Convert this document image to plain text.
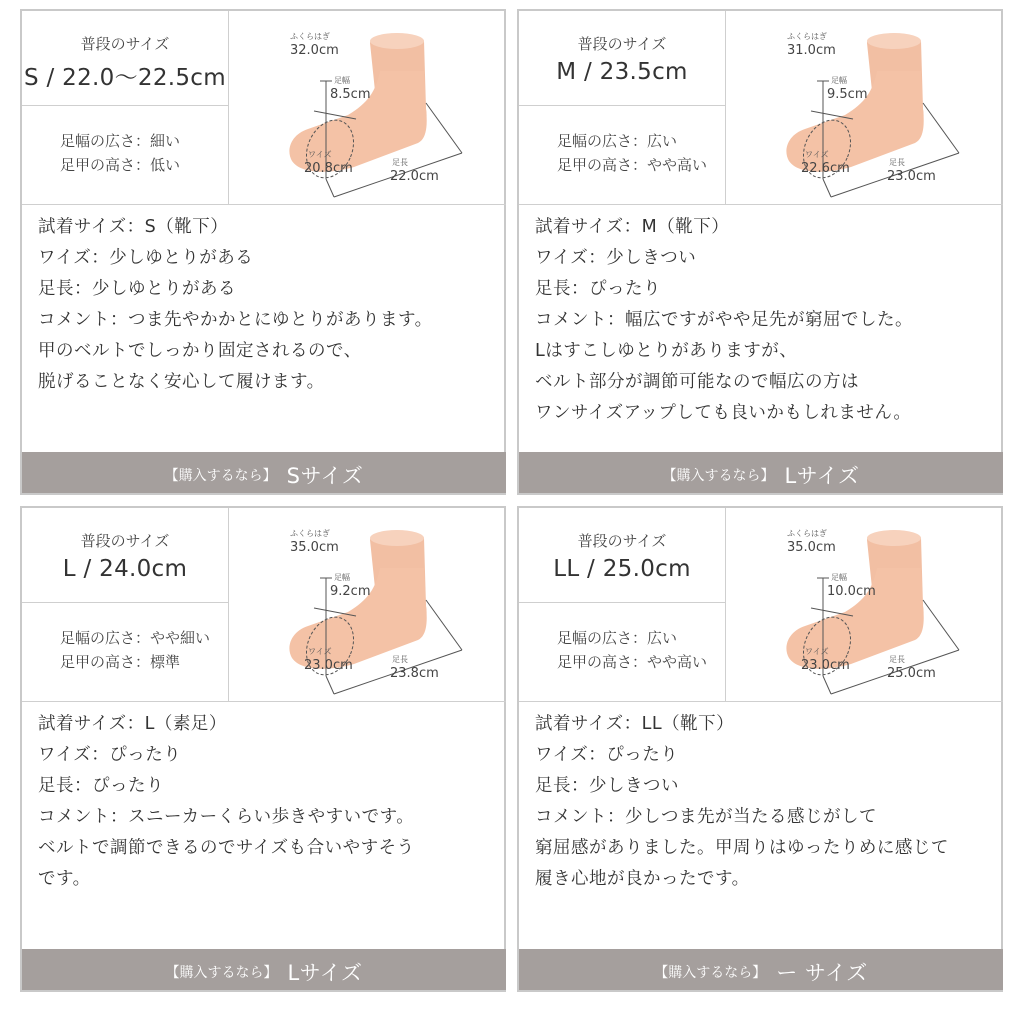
普段のサイズ
S / 22.0〜22.5cm
足幅の広さ：細い
足甲の高さ：低い
ふくらはぎ
32.0cm
足幅
8.5cm
ワイズ
20.8cm	足長
22.0cm
試着サイズ：S（靴下）
ワイズ：少しゆとりがある
足長：少しゆとりがある
コメント：つま先やかかとにゆとりがあります。
甲のベルトでしっかり固定されるので、
脱げることなく安心して履けます。
【購入するなら】 Sサイズ
普段のサイズ
M / 23.5cm
足幅の広さ：広い
足甲の高さ：やや高い
ふくらはぎ
31.0cm
足幅
9.5cm
ワイズ
22.6cm	足長
23.0cm
試着サイズ：M（靴下）
ワイズ：少しきつい
足長：ぴったり
コメント：幅広ですがやや足先が窮屈でした。
Lはすこしゆとりがありますが、
ベルト部分が調節可能なので幅広の方は
ワンサイズアップしても良いかもしれません。
【購入するなら】 Lサイズ
普段のサイズ
L / 24.0cm
足幅の広さ：やや細い
足甲の高さ：標準
ふくらはぎ
35.0cm
足幅
9.2cm
ワイズ
23.0cm	足長
23.8cm
試着サイズ：L（素足）
ワイズ：ぴったり
足長：ぴったり
コメント：スニーカーくらい歩きやすいです。
ベルトで調節できるのでサイズも合いやすそう
です。
【購入するなら】 Lサイズ
普段のサイズ
LL / 25.0cm
足幅の広さ：広い
足甲の高さ：やや高い
ふくらはぎ
35.0cm
足幅
10.0cm
ワイズ
23.0cm	足長
25.0cm
試着サイズ：LL（靴下）
ワイズ：ぴったり
足長：少しきつい
コメント：少しつま先が当たる感じがして
窮屈感がありました。甲周りはゆったりめに感じて
履き心地が良かったです。
【購入するなら】 ー サイズ
